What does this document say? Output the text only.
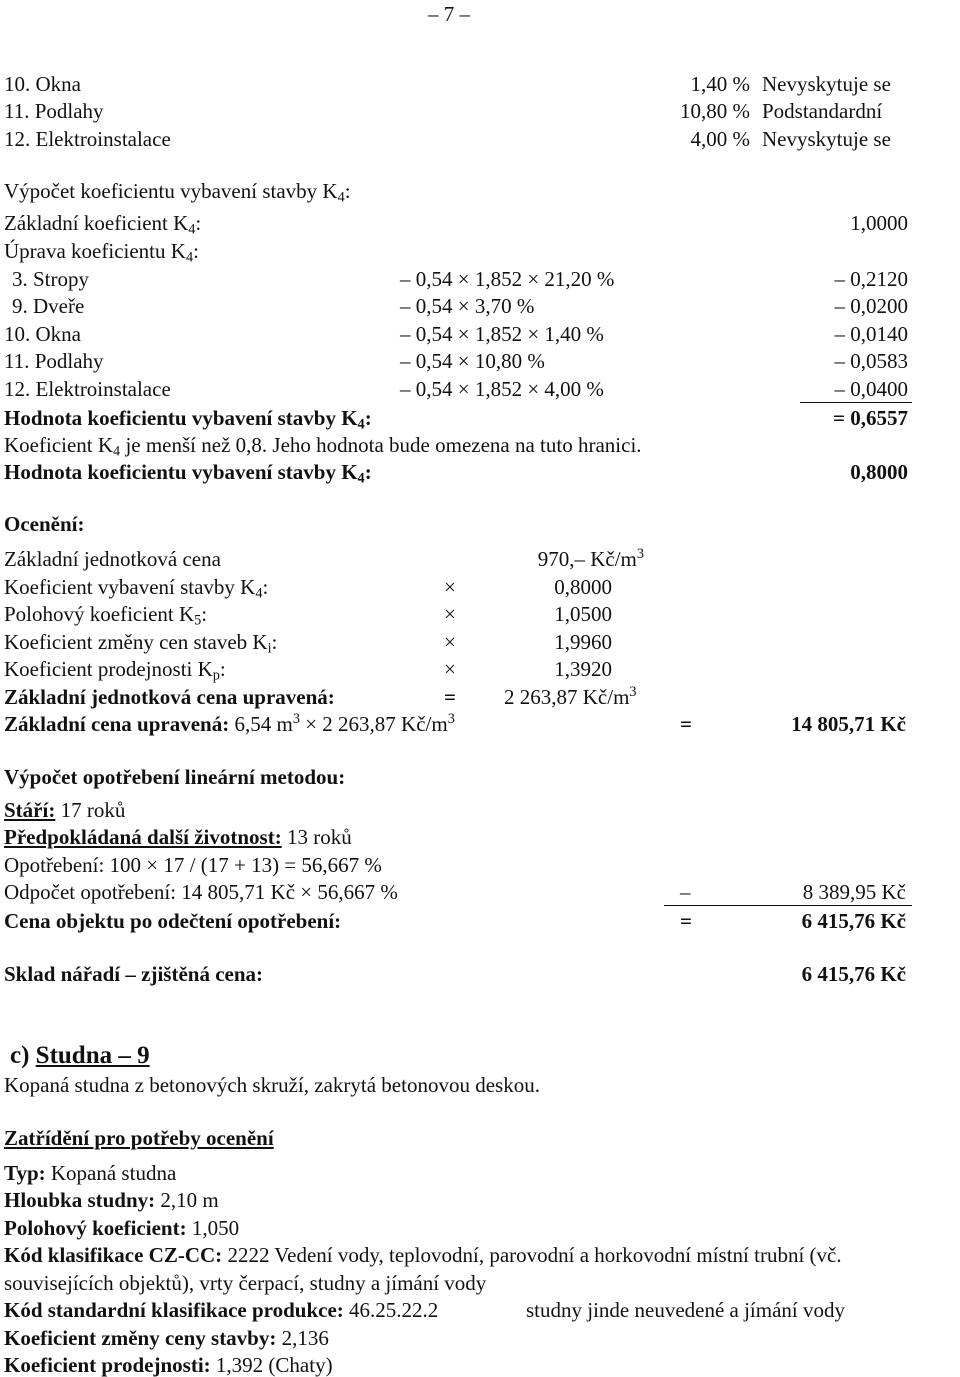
– 7 –
10. Okna	1,40 % Nevyskytuje se
11. Podlahy	10,80 % Podstandardní
12. Elektroinstalace	4,00 % Nevyskytuje se
Výpočet koeficientu vybavení stavby $K_4$:
Základní koeficient $K_4$:	1,0000
Úprava koeficientu $K_4$:
3. Stropy	– 0,54 × 1,852 × 21,20 %	– 0,2120
9. Dveře	– 0,54 × 3,70 %	– 0,0200
10. Okna	– 0,54 × 1,852 × 1,40 %	– 0,0140
11. Podlahy	– 0,54 × 10,80 %	– 0,0583
12. Elektroinstalace	– 0,54 × 1,852 × 4,00 %	– 0,0400
Hodnota koeficientu vybavení stavby $K_4$:	= 0,6557
Koeficient $K_4$ je menší než 0,8. Jeho hodnota bude omezena na tuto hranici.
Hodnota koeficientu vybavení stavby $K_4$:	0,8000
Ocenění:
Základní jednotková cena	970,– $Kč/m^3$
Koeficient vybavení stavby $K_4$:	×	0,8000
Polohový koeficient $K_5$:	×	1,0500
Koeficient změny cen staveb $K_i$:	×	1,9960
Koeficient prodejnosti $K_p$:	×	1,3920
Základní jednotková cena upravená:	= 2 263,87 $Kč/m^3$
Základní cena upravená: 6,54 $m^3 \times 2$ 263,87 $Kč/m^3$	=	14 805,71 Kč
Výpočet opotřebení lineární metodou:
Stáří: 17 roků
Předpokládaná další životnost: 13 roků
Opotřebení: 100 × 17 / (17 + 13) = 56,667 %
Odpočet opotřebení: 14 805,71 Kč × 56,667 %	–	8 389,95 Kč
Cena objektu po odečtení opotřebení:	=	6 415,76 Kč
Sklad nářadí – zjištěná cena:	6 415,76 Kč
c) Studna – 9
Kopaná studna z betonových skruží, zakrytá betonovou deskou.
Zatřídění pro potřeby ocenění
Typ: Kopaná studna
Hloubka studny: 2,10 m
Polohový koeficient: 1,050
Kód klasifikace CZ-CC: 2222 Vedení vody, teplovodní, parovodní a horkovodní místní trubní (vč.
souvisejících objektů), vrty čerpací, studny a jímání vody
Kód standardní klasifikace produkce: 46.25.22.2	studny jinde neuvedené a jímání vody
Koeficient změny ceny stavby: 2,136
Koeficient prodejnosti: 1,392 (Chaty)
